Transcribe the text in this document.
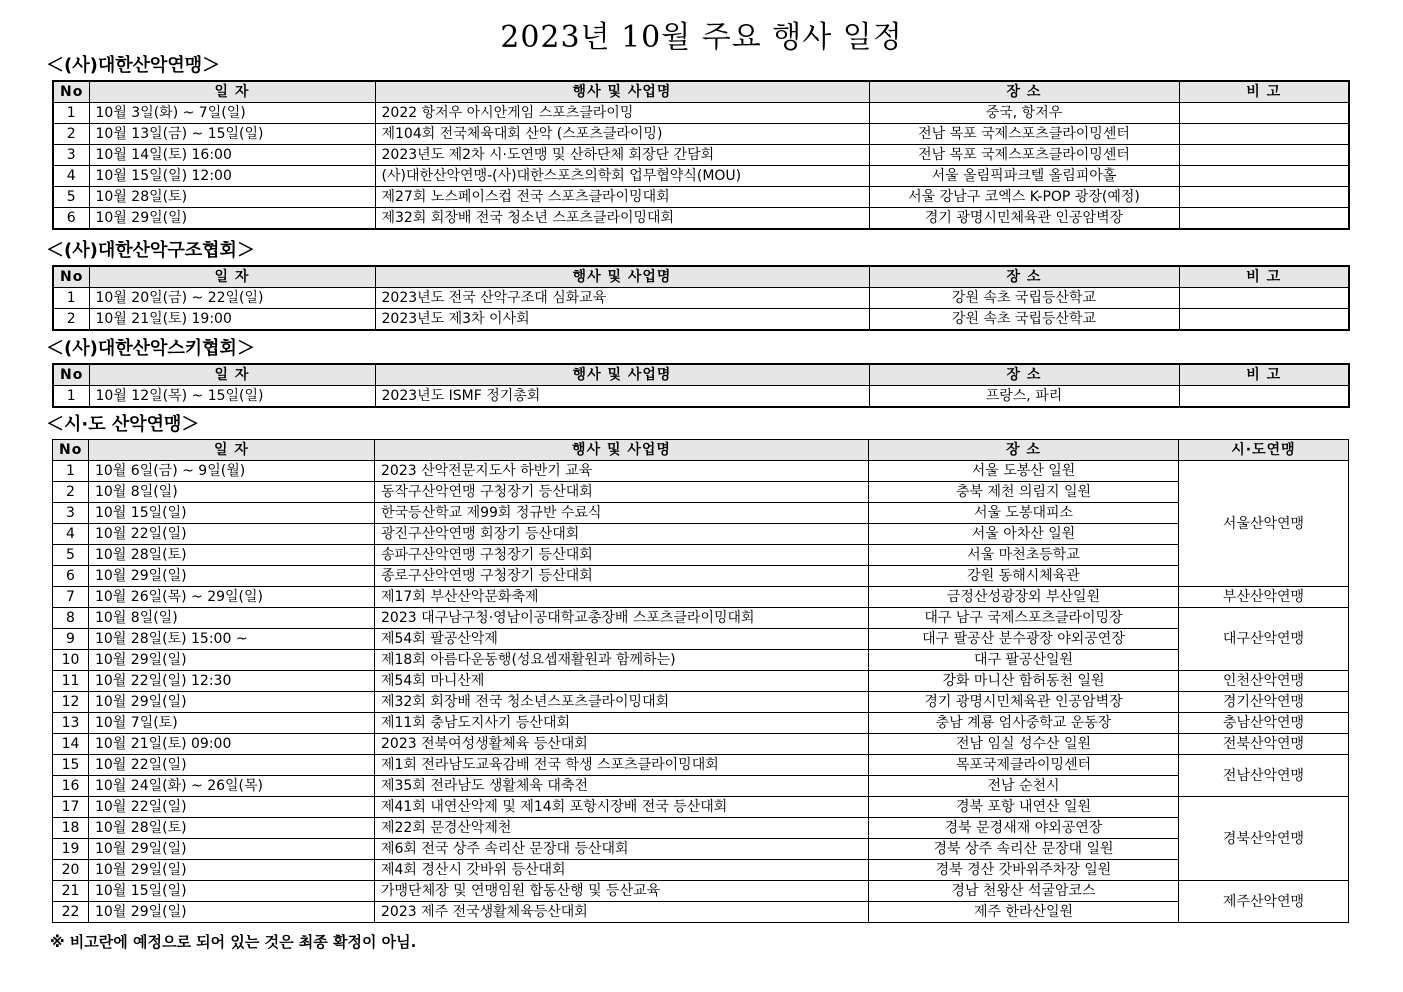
2023년 10월 주요 행사 일정
＜(사)대한산악연맹＞
No	일 자	행사 및 사업명	장 소	비 고
1	10월 3일(화) ~ 7일(일)	2022 항저우 아시안게임 스포츠클라이밍	중국, 항저우	
2	10월 13일(금) ~ 15일(일)	제104회 전국체육대회 산악 (스포츠클라이밍)	전남 목포 국제스포츠클라이밍센터	
3	10월 14일(토) 16:00	2023년도 제2차 시·도연맹 및 산하단체 회장단 간담회	전남 목포 국제스포츠클라이밍센터	
4	10월 15일(일) 12:00	(사)대한산악연맹-(사)대한스포츠의학회 업무협약식(MOU)	서울 올림픽파크텔 올림피아홀	
5	10월 28일(토)	제27회 노스페이스컵 전국 스포츠클라이밍대회	서울 강남구 코엑스 K-POP 광장(예정)	
6	10월 29일(일)	제32회 회장배 전국 청소년 스포츠클라이밍대회	경기 광명시민체육관 인공암벽장	
＜(사)대한산악구조협회＞
No	일 자	행사 및 사업명	장 소	비 고
1	10월 20일(금) ~ 22일(일)	2023년도 전국 산악구조대 심화교육	강원 속초 국립등산학교	
2	10월 21일(토) 19:00	2023년도 제3차 이사회	강원 속초 국립등산학교	
＜(사)대한산악스키협회＞
No	일 자	행사 및 사업명	장 소	비 고
1	10월 12일(목) ~ 15일(일)	2023년도 ISMF 정기총회	프랑스, 파리	
＜시·도 산악연맹＞
No	일 자	행사 및 사업명	장 소	시·도연맹
1	10월 6일(금) ~ 9일(월)	2023 산악전문지도사 하반기 교육	서울 도봉산 일원	서울산악연맹
2	10월 8일(일)	동작구산악연맹 구청장기 등산대회	충북 제천 의림지 일원	
3	10월 15일(일)	한국등산학교 제99회 정규반 수료식	서울 도봉대피소	
4	10월 22일(일)	광진구산악연맹 회장기 등산대회	서울 아차산 일원	
5	10월 28일(토)	송파구산악연맹 구청장기 등산대회	서울 마천초등학교	
6	10월 29일(일)	종로구산악연맹 구청장기 등산대회	강원 동해시체육관	
7	10월 26일(목) ~ 29일(일)	제17회 부산산악문화축제	금정산성광장외 부산일원	부산산악연맹
8	10월 8일(일)	2023 대구남구청·영남이공대학교총장배 스포츠클라이밍대회	대구 남구 국제스포츠클라이밍장	대구산악연맹
9	10월 28일(토) 15:00 ~	제54회 팔공산악제	대구 팔공산 분수광장 야외공연장	
10	10월 29일(일)	제18회 아름다운동행(성요셉재활원과 함께하는)	대구 팔공산일원	
11	10월 22일(일) 12:30	제54회 마니산제	강화 마니산 함허동천 일원	인천산악연맹
12	10월 29일(일)	제32회 회장배 전국 청소년스포츠클라이밍대회	경기 광명시민체육관 인공암벽장	경기산악연맹
13	10월 7일(토)	제11회 충남도지사기 등산대회	충남 계룡 엄사중학교 운동장	충남산악연맹
14	10월 21일(토) 09:00	2023 전북여성생활체육 등산대회	전남 임실 성수산 일원	전북산악연맹
15	10월 22일(일)	제1회 전라남도교육감배 전국 학생 스포츠클라이밍대회	목포국제클라이밍센터	전남산악연맹
16	10월 24일(화) ~ 26일(목)	제35회 전라남도 생활체육 대축전	전남 순천시	
17	10월 22일(일)	제41회 내연산악제 및 제14회 포항시장배 전국 등산대회	경북 포항 내연산 일원	경북산악연맹
18	10월 28일(토)	제22회 문경산악제천	경북 문경새재 야외공연장	
19	10월 29일(일)	제6회 전국 상주 속리산 문장대 등산대회	경북 상주 속리산 문장대 일원	
20	10월 29일(일)	제4회 경산시 갓바위 등산대회	경북 경산 갓바위주차장 일원	
21	10월 15일(일)	가맹단체장 및 연맹임원 합동산행 및 등산교육	경남 천왕산 석굴암코스	제주산악연맹
22	10월 29일(일)	2023 제주 전국생활체육등산대회	제주 한라산일원	
※ 비고란에 예정으로 되어 있는 것은 최종 확정이 아님.
